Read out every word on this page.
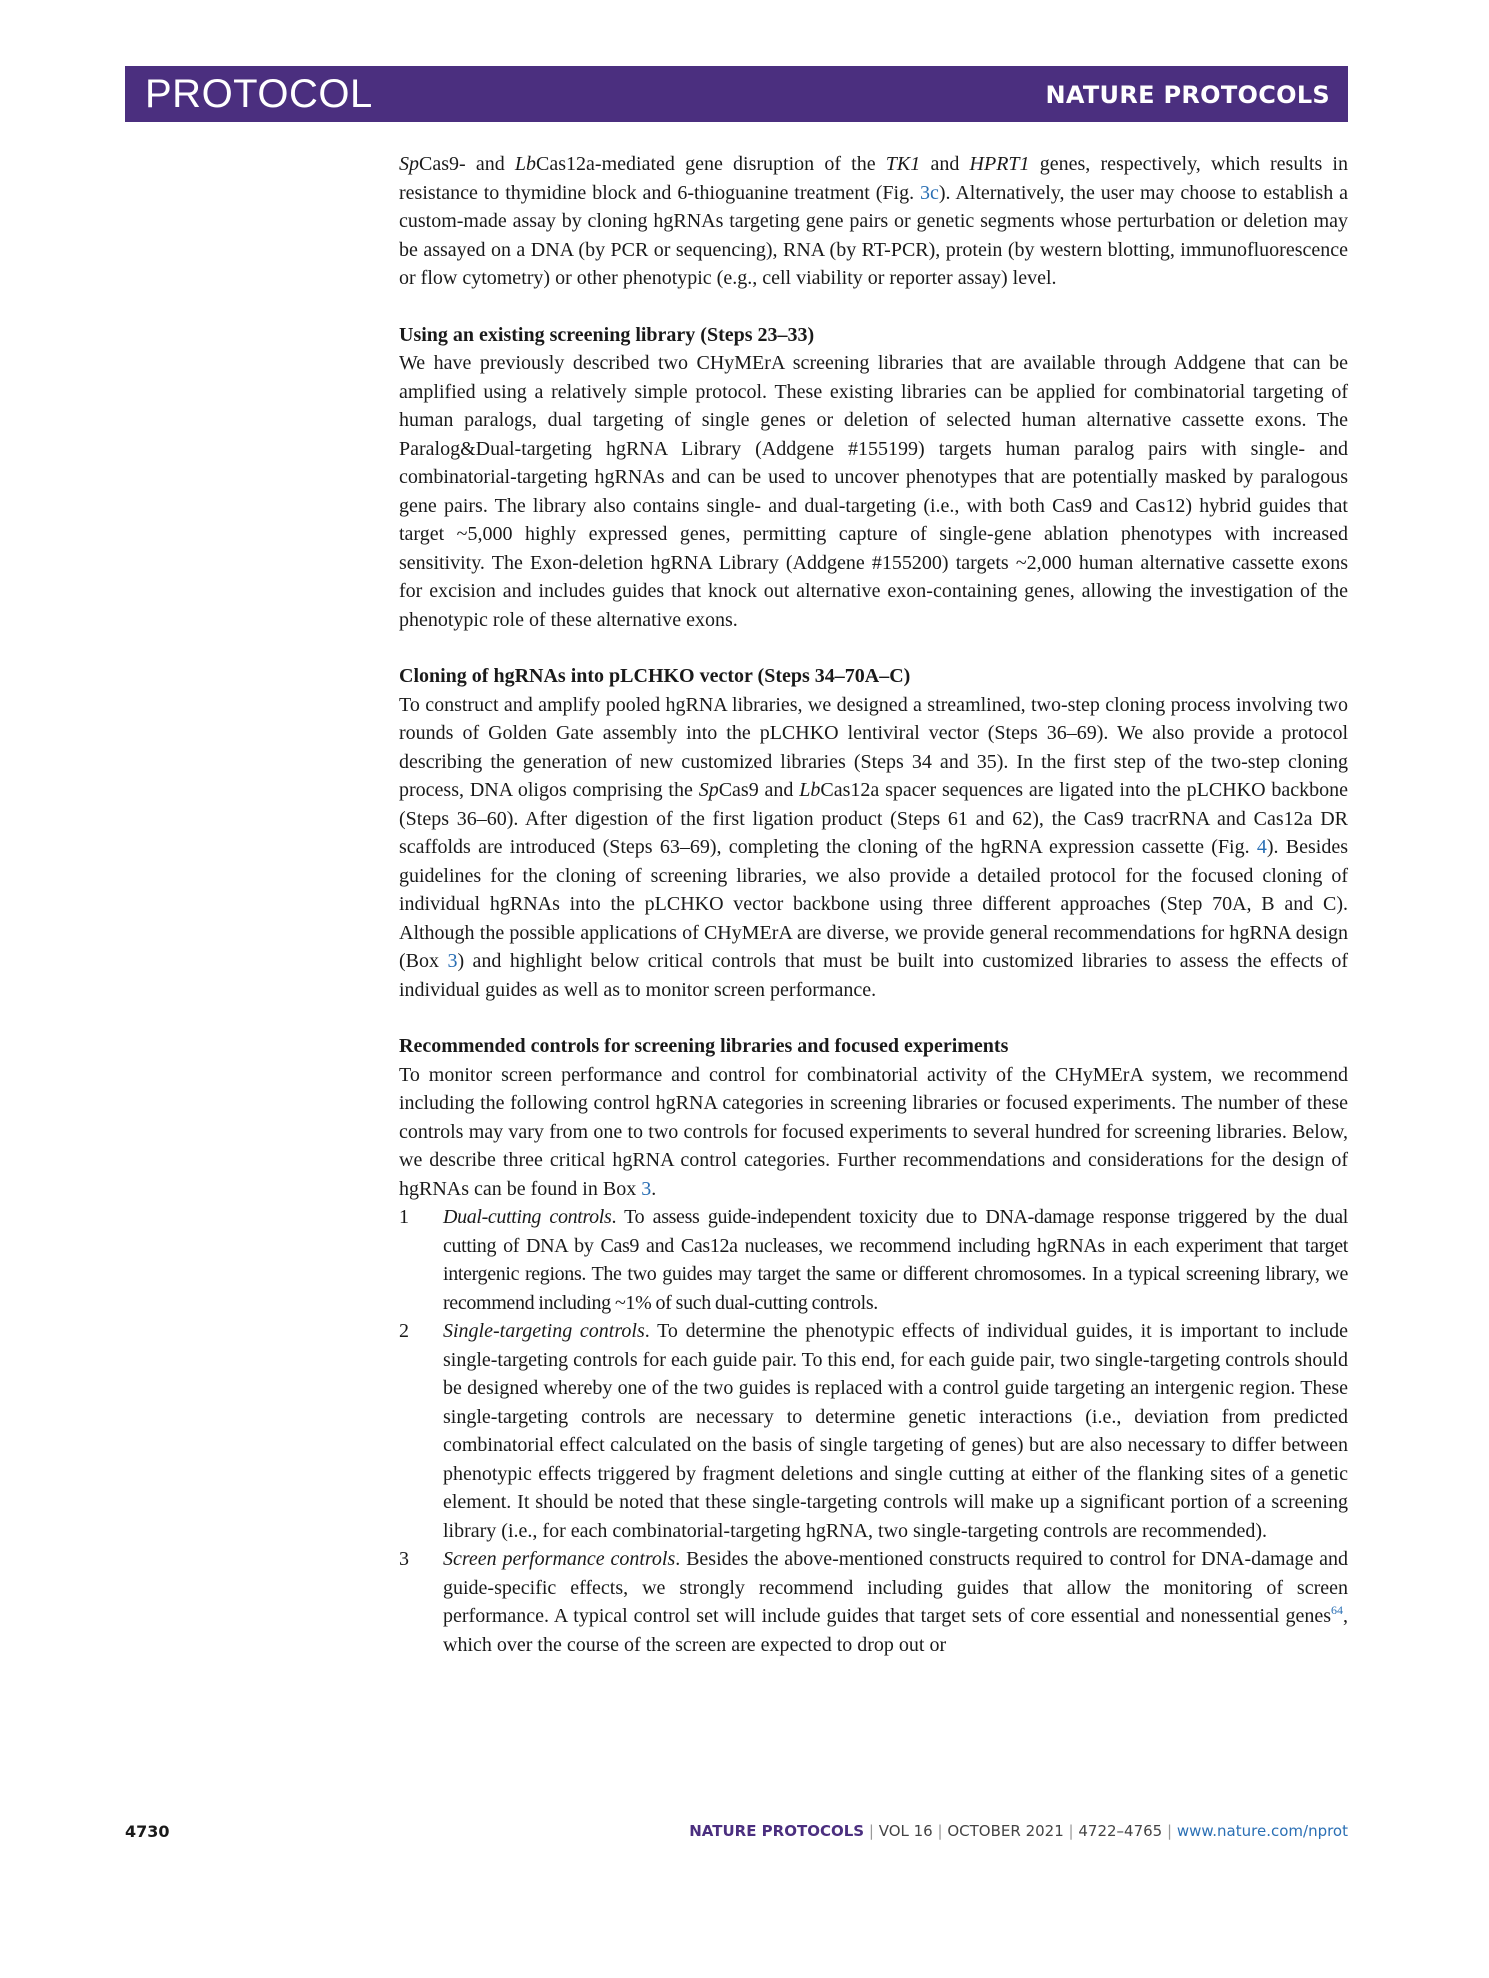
PROTOCOL	NATURE PROTOCOLS

SpCas9- and LbCas12a-mediated gene disruption of the TK1 and HPRT1 genes, respectively, which results in resistance to thymidine block and 6-thioguanine treatment (Fig. 3c). Alternatively, the user may choose to establish a custom-made assay by cloning hgRNAs targeting gene pairs or genetic segments whose perturbation or deletion may be assayed on a DNA (by PCR or sequencing), RNA (by RT-PCR), protein (by western blotting, immunofluorescence or flow cytometry) or other phenotypic (e.g., cell viability or reporter assay) level.

Using an existing screening library (Steps 23–33)

We have previously described two CHyMErA screening libraries that are available through Addgene that can be amplified using a relatively simple protocol. These existing libraries can be applied for combinatorial targeting of human paralogs, dual targeting of single genes or deletion of selected human alternative cassette exons. The Paralog&Dual-targeting hgRNA Library (Addgene #155199) targets human paralog pairs with single- and combinatorial-targeting hgRNAs and can be used to uncover phenotypes that are potentially masked by paralogous gene pairs. The library also contains single- and dual-targeting (i.e., with both Cas9 and Cas12) hybrid guides that target ~5,000 highly expressed genes, permitting capture of single-gene ablation phenotypes with increased sensitivity. The Exon-deletion hgRNA Library (Addgene #155200) targets ~2,000 human alternative cassette exons for excision and includes guides that knock out alternative exon-containing genes, allowing the investigation of the phenotypic role of these alternative exons.

Cloning of hgRNAs into pLCHKO vector (Steps 34–70A–C)

To construct and amplify pooled hgRNA libraries, we designed a streamlined, two-step cloning process involving two rounds of Golden Gate assembly into the pLCHKO lentiviral vector (Steps 36–69). We also provide a protocol describing the generation of new customized libraries (Steps 34 and 35). In the first step of the two-step cloning process, DNA oligos comprising the SpCas9 and LbCas12a spacer sequences are ligated into the pLCHKO backbone (Steps 36–60). After digestion of the first ligation product (Steps 61 and 62), the Cas9 tracrRNA and Cas12a DR scaffolds are introduced (Steps 63–69), completing the cloning of the hgRNA expression cassette (Fig. 4). Besides guidelines for the cloning of screening libraries, we also provide a detailed protocol for the focused cloning of individual hgRNAs into the pLCHKO vector backbone using three different approaches (Step 70A, B and C). Although the possible applications of CHyMErA are diverse, we provide general recommendations for hgRNA design (Box 3) and highlight below critical controls that must be built into customized libraries to assess the effects of individual guides as well as to monitor screen performance.

Recommended controls for screening libraries and focused experiments

To monitor screen performance and control for combinatorial activity of the CHyMErA system, we recommend including the following control hgRNA categories in screening libraries or focused experiments. The number of these controls may vary from one to two controls for focused experiments to several hundred for screening libraries. Below, we describe three critical hgRNA control categories. Further recommendations and considerations for the design of hgRNAs can be found in Box 3.

1 Dual-cutting controls. To assess guide-independent toxicity due to DNA-damage response triggered by the dual cutting of DNA by Cas9 and Cas12a nucleases, we recommend including hgRNAs in each experiment that target intergenic regions. The two guides may target the same or different chromosomes. In a typical screening library, we recommend including ~1% of such dual-cutting controls.
2 Single-targeting controls. To determine the phenotypic effects of individual guides, it is important to include single-targeting controls for each guide pair. To this end, for each guide pair, two single-targeting controls should be designed whereby one of the two guides is replaced with a control guide targeting an intergenic region. These single-targeting controls are necessary to determine genetic interactions (i.e., deviation from predicted combinatorial effect calculated on the basis of single targeting of genes) but are also necessary to differ between phenotypic effects triggered by fragment deletions and single cutting at either of the flanking sites of a genetic element. It should be noted that these single-targeting controls will make up a significant portion of a screening library (i.e., for each combinatorial-targeting hgRNA, two single-targeting controls are recommended).
3 Screen performance controls. Besides the above-mentioned constructs required to control for DNA-damage and guide-specific effects, we strongly recommend including guides that allow the monitoring of screen performance. A typical control set will include guides that target sets of core essential and nonessential genes$^{64}$, which over the course of the screen are expected to drop out or
4730	NATURE PROTOCOLS | VOL 16 | OCTOBER 2021 | 4722–4765 | www.nature.com/nprot
